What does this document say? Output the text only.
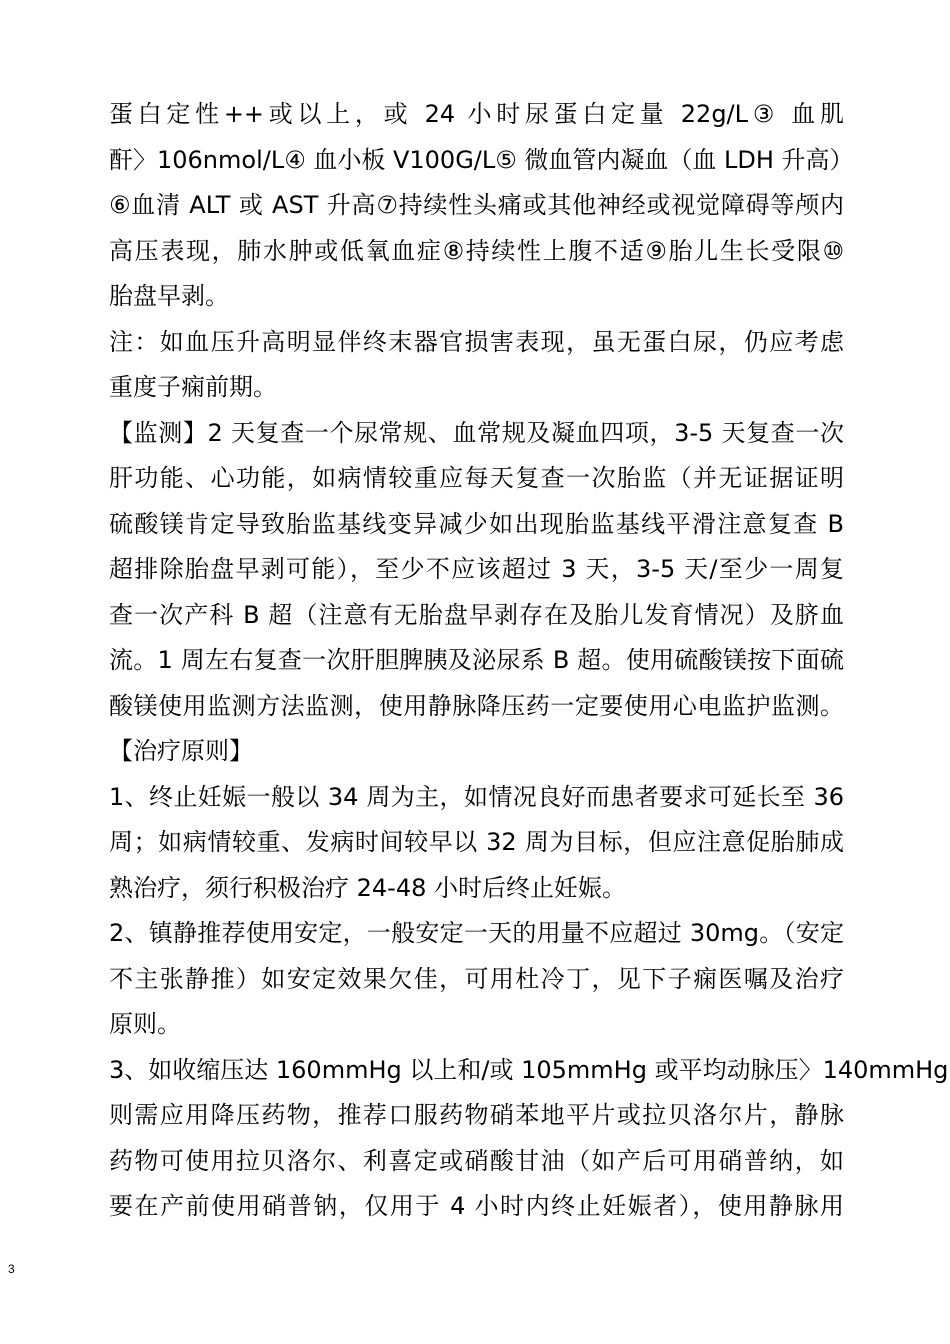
蛋白定性++或以上，或 24 小时尿蛋白定量 22g/L③ 血肌
酐〉106nmol/L④ 血小板 V100G/L⑤ 微血管内凝血（血 LDH 升高）
⑥血清 ALT 或 AST 升高⑦持续性头痛或其他神经或视觉障碍等颅内
高压表现，肺水肿或低氧血症⑧持续性上腹不适⑨胎儿生长受限⑩
胎盘早剥。
注：如血压升高明显伴终末器官损害表现，虽无蛋白尿，仍应考虑
重度子痫前期。
【监测】2 天复查一个尿常规、血常规及凝血四项，3-5 天复查一次
肝功能、心功能，如病情较重应每天复查一次胎监（并无证据证明
硫酸镁肯定导致胎监基线变异减少如出现胎监基线平滑注意复查 B
超排除胎盘早剥可能），至少不应该超过 3 天，3-5 天/至少一周复
查一次产科 B 超（注意有无胎盘早剥存在及胎儿发育情况）及脐血
流。1 周左右复查一次肝胆脾胰及泌尿系 B 超。使用硫酸镁按下面硫
酸镁使用监测方法监测，使用静脉降压药一定要使用心电监护监测。
【治疗原则】
1、终止妊娠一般以 34 周为主，如情况良好而患者要求可延长至 36
周；如病情较重、发病时间较早以 32 周为目标，但应注意促胎肺成
熟治疗，须行积极治疗 24-48 小时后终止妊娠。
2、镇静推荐使用安定，一般安定一天的用量不应超过 30mg。（安定
不主张静推）如安定效果欠佳，可用杜冷丁，见下子痫医嘱及治疗
原则。
3、如收缩压达 160mmHg 以上和/或 105mmHg 或平均动脉压〉140mmHg
则需应用降压药物，推荐口服药物硝苯地平片或拉贝洛尔片，静脉
药物可使用拉贝洛尔、利喜定或硝酸甘油（如产后可用硝普纳，如
要在产前使用硝普钠，仅用于 4 小时内终止妊娠者），使用静脉用
3
